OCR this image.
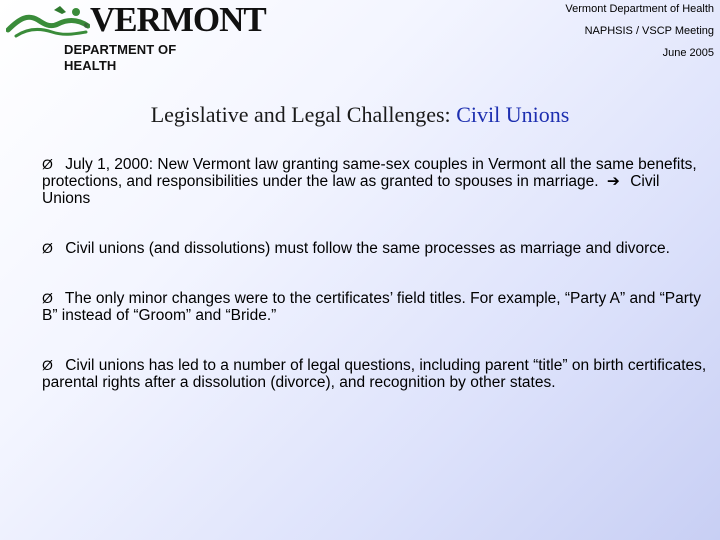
® VERMONT
DEPARTMENT OF HEALTH
Vermont Department of Health
NAPHSIS / VSCP Meeting
June 2005
Legislative and Legal Challenges: Civil Unions
Ø July 1, 2000: New Vermont law granting same-sex couples in Vermont all the same benefits, protections, and responsibilities under the law as granted to spouses in marriage. ➔ Civil Unions
Ø Civil unions (and dissolutions) must follow the same processes as marriage and divorce.
Ø The only minor changes were to the certificates’ field titles. For example, “Party A” and “Party B” instead of “Groom” and “Bride.”
Ø Civil unions has led to a number of legal questions, including parent “title” on birth certificates, parental rights after a dissolution (divorce), and recognition by other states.
